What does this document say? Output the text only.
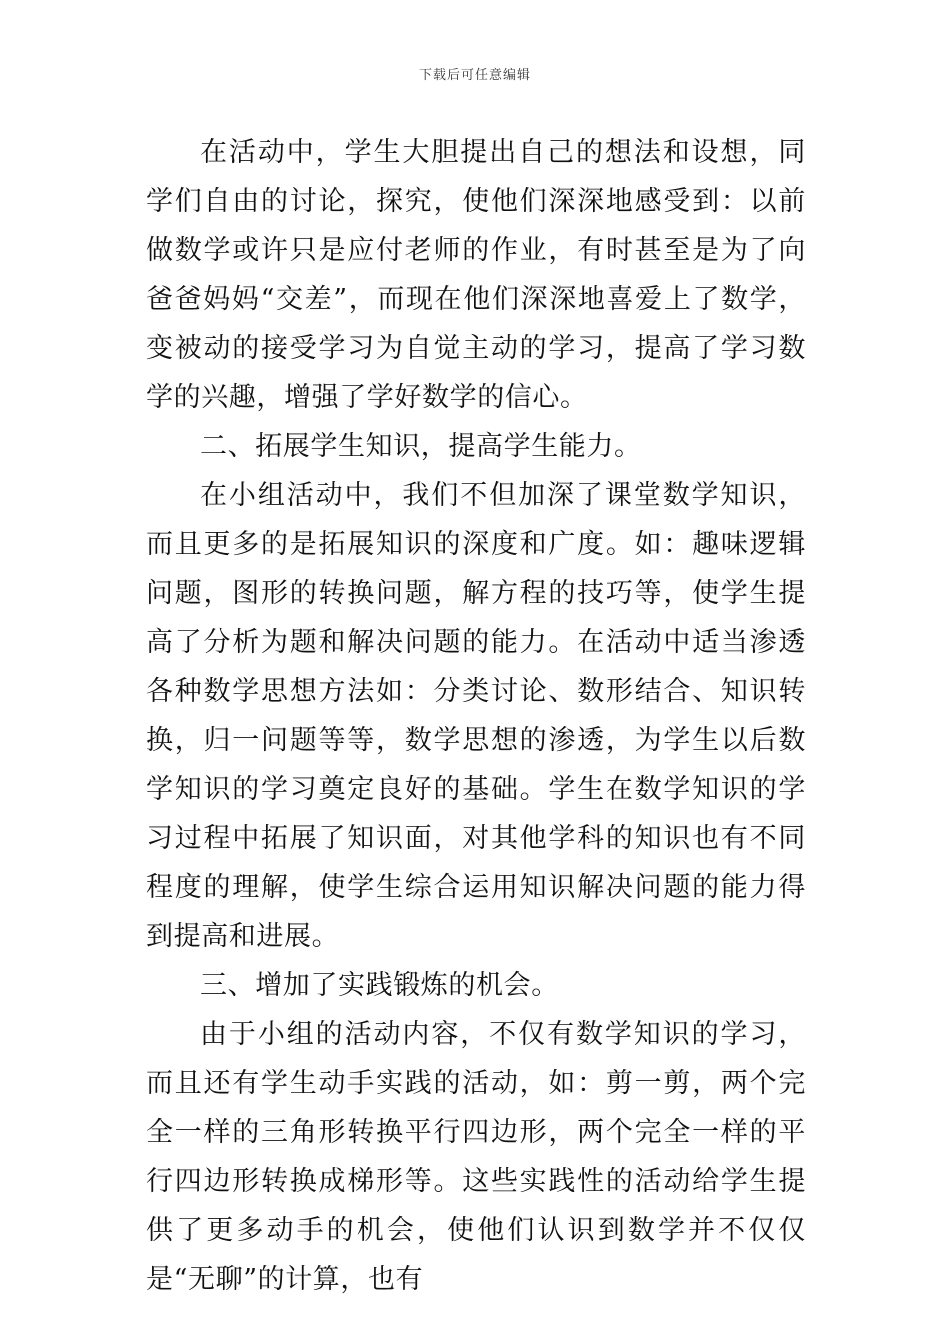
下载后可任意编辑

在活动中，学生大胆提出自己的想法和设想，同学们自由的讨论，探究，使他们深深地感受到：以前做数学或许只是应付老师的作业，有时甚至是为了向爸爸妈妈“交差”，而现在他们深深地喜爱上了数学，变被动的接受学习为自觉主动的学习，提高了学习数学的兴趣，增强了学好数学的信心。

二、拓展学生知识，提高学生能力。

在小组活动中，我们不但加深了课堂数学知识，而且更多的是拓展知识的深度和广度。如：趣味逻辑问题，图形的转换问题，解方程的技巧等，使学生提高了分析为题和解决问题的能力。在活动中适当渗透各种数学思想方法如：分类讨论、数形结合、知识转换，归一问题等等，数学思想的渗透，为学生以后数学知识的学习奠定良好的基础。学生在数学知识的学习过程中拓展了知识面，对其他学科的知识也有不同程度的理解，使学生综合运用知识解决问题的能力得到提高和进展。

三、增加了实践锻炼的机会。

由于小组的活动内容，不仅有数学知识的学习，而且还有学生动手实践的活动，如：剪一剪，两个完全一样的三角形转换平行四边形，两个完全一样的平行四边形转换成梯形等。这些实践性的活动给学生提供了更多动手的机会，使他们认识到数学并不仅仅是“无聊”的计算，也有
